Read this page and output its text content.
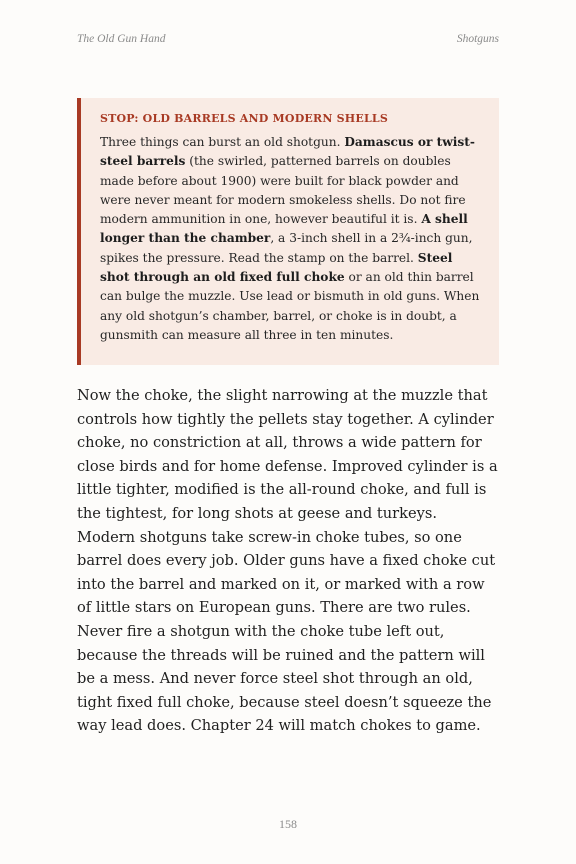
The Old Gun Hand	Shotguns
STOP: OLD BARRELS AND MODERN SHELLS

Three things can burst an old shotgun. Damascus or twist-steel barrels (the swirled, patterned barrels on doubles made before about 1900) were built for black powder and were never meant for modern smokeless shells. Do not fire modern ammunition in one, however beautiful it is. A shell longer than the chamber, a 3-inch shell in a 2¾-inch gun, spikes the pressure. Read the stamp on the barrel. Steel shot through an old fixed full choke or an old thin barrel can bulge the muzzle. Use lead or bismuth in old guns. When any old shotgun’s chamber, barrel, or choke is in doubt, a gunsmith can measure all three in ten minutes.

Now the choke, the slight narrowing at the muzzle that controls how tightly the pellets stay together. A cylinder choke, no constriction at all, throws a wide pattern for close birds and for home defense. Improved cylinder is a little tighter, modified is the all-round choke, and full is the tightest, for long shots at geese and turkeys. Modern shotguns take screw-in choke tubes, so one barrel does every job. Older guns have a fixed choke cut into the barrel and marked on it, or marked with a row of little stars on European guns. There are two rules. Never fire a shotgun with the choke tube left out, because the threads will be ruined and the pattern will be a mess. And never force steel shot through an old, tight fixed full choke, because steel doesn’t squeeze the way lead does. Chapter 24 will match chokes to game.

158
